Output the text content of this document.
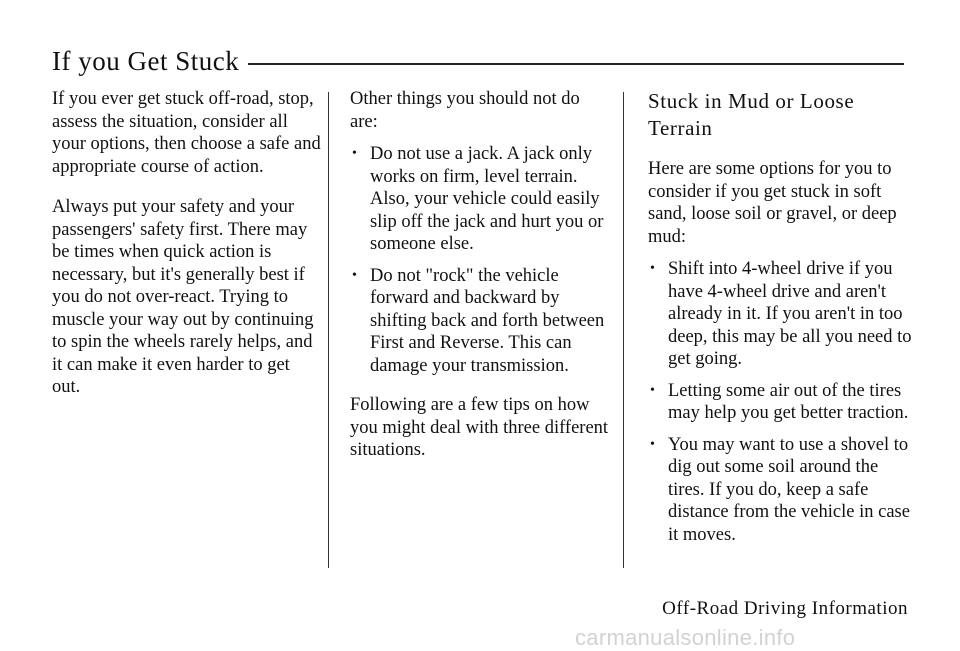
If you Get Stuck

If you ever get stuck off-road, stop, assess the situation, consider all your options, then choose a safe and appropriate course of action.

Always put your safety and your passengers' safety first. There may be times when quick action is necessary, but it's generally best if you do not over-react. Trying to muscle your way out by continuing to spin the wheels rarely helps, and it can make it even harder to get out.

Other things you should not do are:

• Do not use a jack. A jack only works on firm, level terrain. Also, your vehicle could easily slip off the jack and hurt you or someone else.
• Do not "rock" the vehicle forward and backward by shifting back and forth between First and Reverse. This can damage your transmission.

Following are a few tips on how you might deal with three different situations.

Stuck in Mud or Loose Terrain

Here are some options for you to consider if you get stuck in soft sand, loose soil or gravel, or deep mud:

• Shift into 4-wheel drive if you have 4-wheel drive and aren't already in it. If you aren't in too deep, this may be all you need to get going.
• Letting some air out of the tires may help you get better traction.
• You may want to use a shovel to dig out some soil around the tires. If you do, keep a safe distance from the vehicle in case it moves.
Off-Road Driving Information
carmanualsonline.info
